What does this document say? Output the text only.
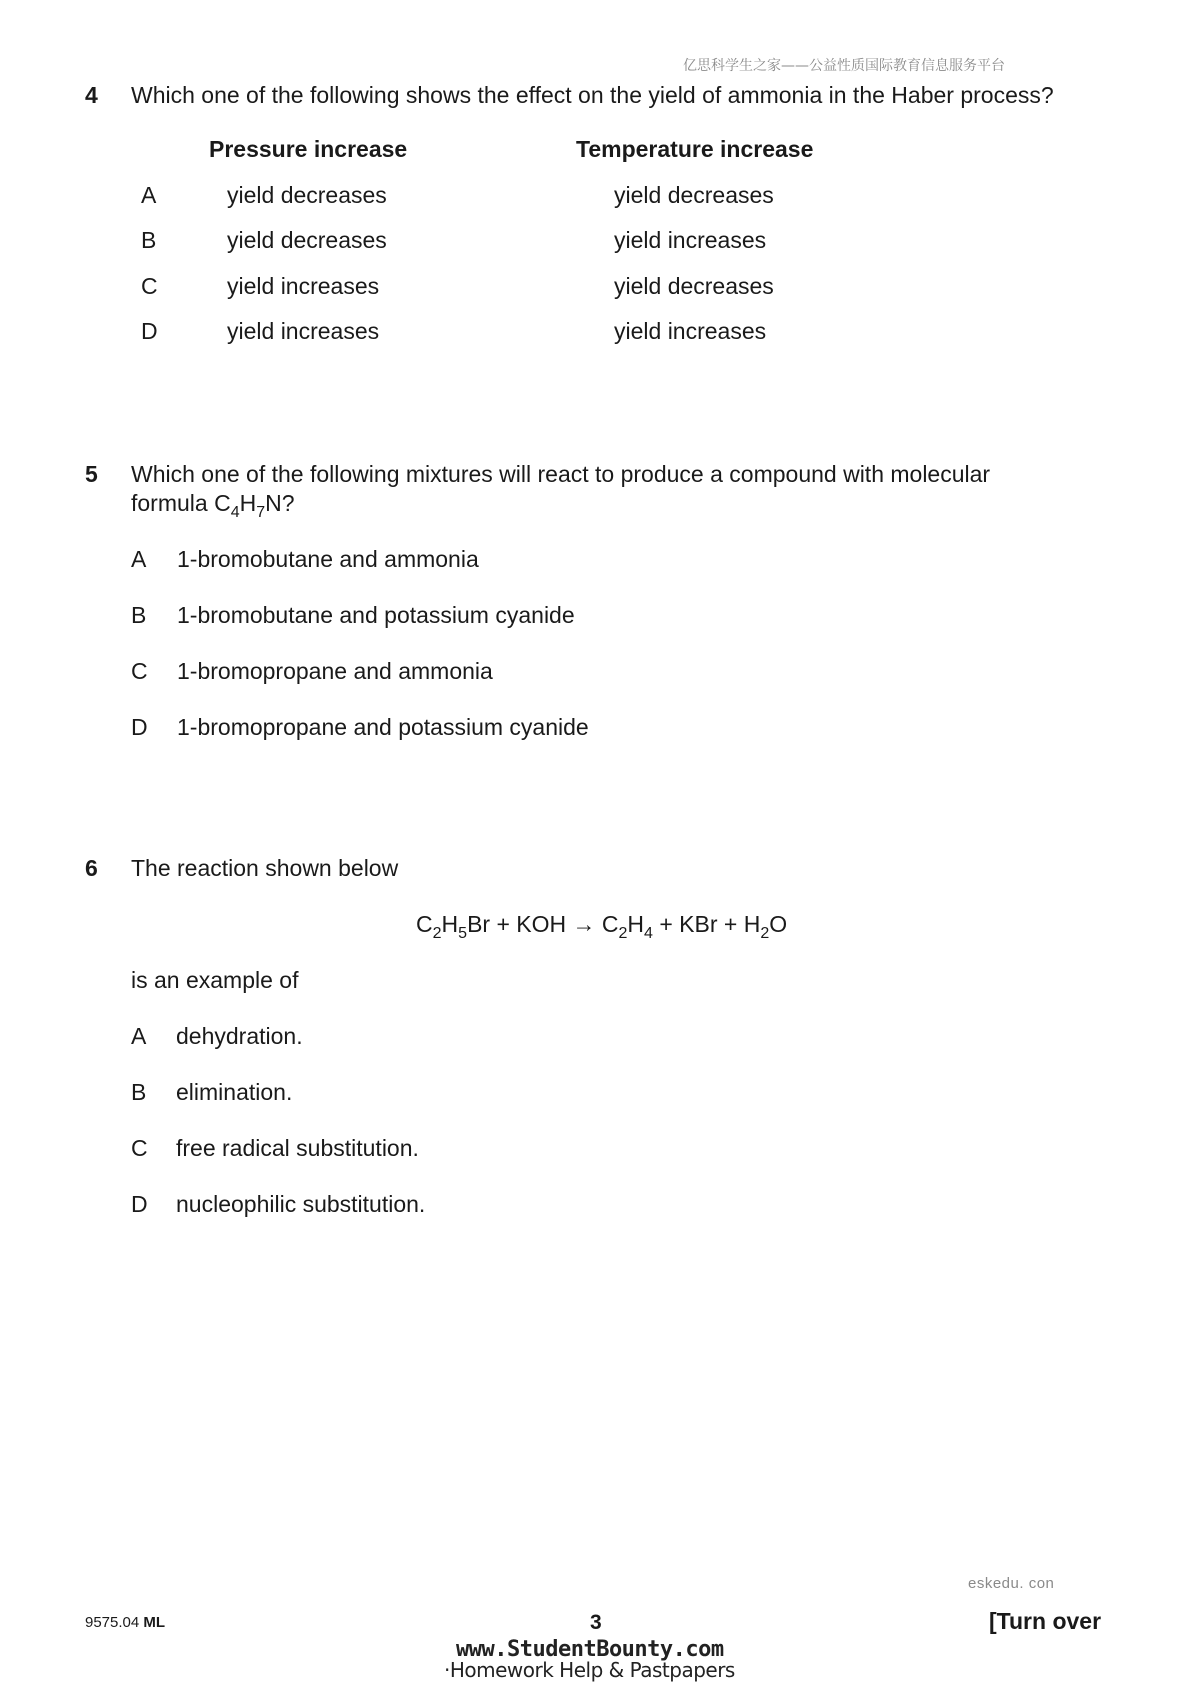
亿思科学生之家——公益性质国际教育信息服务平台
4 Which one of the following shows the effect on the yield of ammonia in the Haber process?
Pressure increase	Temperature increase
A	yield decreases	yield decreases
B	yield decreases	yield increases
C	yield increases	yield decreases
D	yield increases	yield increases
5 Which one of the following mixtures will react to produce a compound with molecular
formula $C_4H_7N$?
A 1-bromobutane and ammonia
B 1-bromobutane and potassium cyanide
C 1-bromopropane and ammonia
D 1-bromopropane and potassium cyanide
6 The reaction shown below
$C_2H_5Br$ + KOH → $C_2H_4$ + KBr + $H_2O$
is an example of
A dehydration.
B elimination.
C free radical substitution.
D nucleophilic substitution.
eskedu. con
9575.04 ML	3	[Turn over
www.StudentBounty.com
·Homework Help & Pastpapers
